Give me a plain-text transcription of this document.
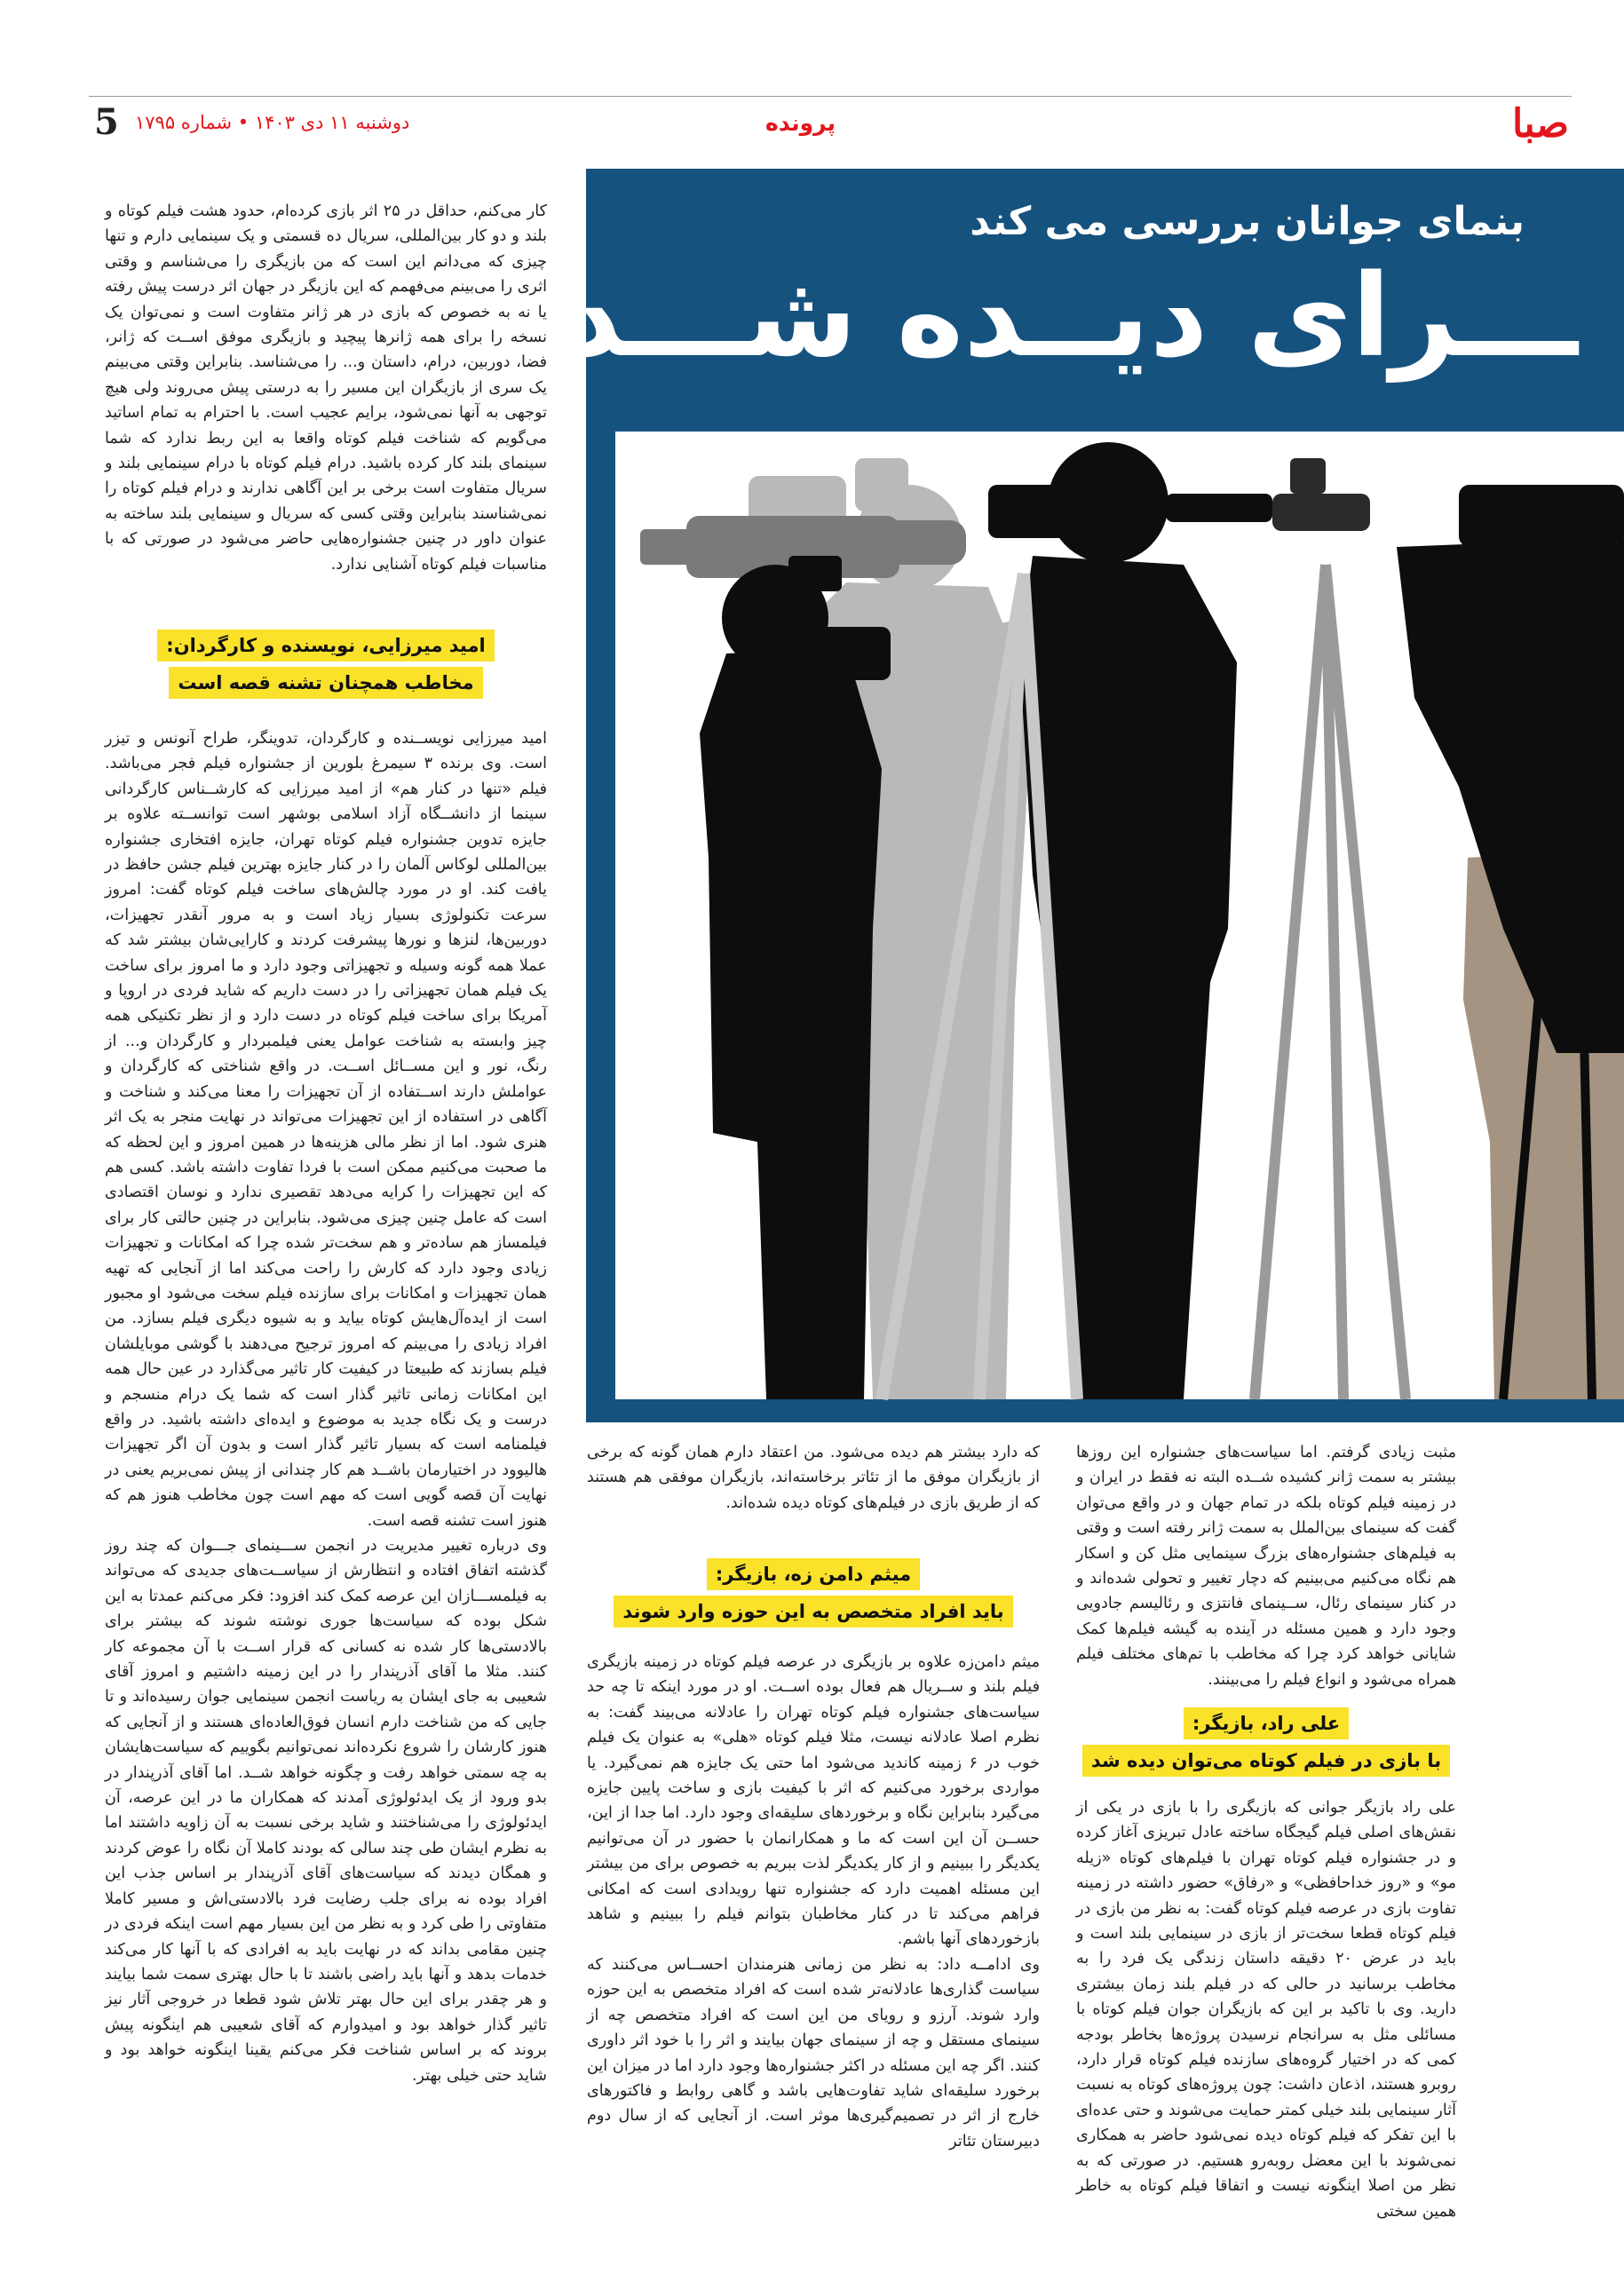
صبا
پرونده
دوشنبه ۱۱ دی ۱۴۰۳ • شماره ۱۷۹۵
5
بنمای جوانان بررسی می کند
ـــرای دیــده شـــدن

کار می‌کنم، حداقل در ۲۵ اثر بازی کرده‌ام، حدود هشت فیلم کوتاه و بلند و دو کار بین‌المللی، سریال ده قسمتی و یک سینمایی دارم و تنها چیزی که می‌دانم این است که من بازیگری را می‌شناسم و وقتی اثری را می‌بینم می‌فهمم که این بازیگر در جهان اثر درست پیش رفته یا نه به خصوص که بازی در هر ژانر متفاوت است و نمی‌توان یک نسخه را برای همه ژانرها پیچید و بازیگری موفق اســت که ژانر، فضا، دوربین، درام، داستان و... را می‌شناسد. بنابراین وقتی می‌بینم یک سری از بازیگران این مسیر را به درستی پیش می‌روند ولی هیچ توجهی به آنها نمی‌شود، برایم عجیب است. با احترام به تمام اساتید می‌گویم که شناخت فیلم کوتاه واقعا به این ربط ندارد که شما سینمای بلند کار کرده باشید. درام فیلم کوتاه با درام سینمایی بلند و سریال متفاوت است برخی بر این آگاهی ندارند و درام فیلم کوتاه را نمی‌شناسند بنابراین وقتی کسی که سریال و سینمایی بلند ساخته به عنوان داور در چنین جشنواره‌هایی حاضر می‌شود در صورتی که با مناسبات فیلم کوتاه آشنایی ندارد.

امید میرزایی، نویسنده و کارگردان:
مخاطب همچنان تشنه قصه است

امید میرزایی نویســنده و کارگردان، تدوینگر، طراح آنونس و تیزر است. وی برنده ۳ سیمرغ بلورین از جشنواره فیلم فجر می‌باشد. فیلم «تنها در کنار هم» از امید میرزایی که کارشــناس کارگردانی سینما از دانشــگاه آزاد اسلامی بوشهر است توانســته علاوه بر جایزه تدوین جشنواره فیلم کوتاه تهران، جایزه افتخاری جشنواره بین‌المللی لوکاس آلمان را در کنار جایزه بهترین فیلم جشن حافظ در یافت کند. او در مورد چالش‌های ساخت فیلم کوتاه گفت: امروز سرعت تکنولوژی بسیار زیاد است و به مرور آنقدر تجهیزات، دوربین‌ها، لنزها و نورها پیشرفت کردند و کارایی‌شان بیشتر شد که عملا همه گونه وسیله و تجهیزاتی وجود دارد و ما امروز برای ساخت یک فیلم همان تجهیزاتی را در دست داریم که شاید فردی در اروپا و آمریکا برای ساخت فیلم کوتاه در دست دارد و از نظر تکنیکی همه چیز وابسته به شناخت عوامل یعنی فیلمبردار و کارگردان و... از رنگ، نور و این مســائل اســت. در واقع شناختی که کارگردان و عواملش دارند اســتفاده از آن تجهیزات را معنا می‌کند و شناخت و آگاهی در استفاده از این تجهیزات می‌تواند در نهایت منجر به یک اثر هنری شود. اما از نظر مالی هزینه‌ها در همین امروز و این لحظه که ما صحبت می‌کنیم ممکن است با فردا تفاوت داشته باشد. کسی هم که این تجهیزات را کرایه می‌دهد تقصیری ندارد و نوسان اقتصادی است که عامل چنین چیزی می‌شود. بنابراین در چنین حالتی کار برای فیلمساز هم ساده‌تر و هم سخت‌تر شده چرا که امکانات و تجهیزات زیادی وجود دارد که کارش را راحت می‌کند اما از آنجایی که تهیه همان تجهیزات و امکانات برای سازنده فیلم سخت می‌شود او مجبور است از ایده‌آل‌هایش کوتاه بیاید و به شیوه دیگری فیلم بسازد. من افراد زیادی را می‌بینم که امروز ترجیح می‌دهند با گوشی موبایلشان فیلم بسازند که طبیعتا در کیفیت کار تاثیر می‌گذارد در عین حال همه این امکانات زمانی تاثیر گذار است که شما یک درام منسجم و درست و یک نگاه جدید به موضوع و ایده‌ای داشته باشید. در واقع فیلمنامه است که بسیار تاثیر گذار است و بدون آن اگر تجهیزات هالیوود در اختیارمان باشــد هم کار چندانی از پیش نمی‌بریم یعنی در نهایت آن قصه گویی است که مهم است چون مخاطب هنوز هم که هنوز است تشنه قصه است.

وی درباره تغییر مدیریت در انجمن ســـینمای جـــوان که چند روز گذشته اتفاق افتاده و انتظارش از سیاســت‌های جدیدی که می‌تواند به فیلمســـازان این عرصه کمک کند افزود: فکر می‌کنم عمدتا به این شکل بوده که سیاست‌ها جوری نوشته شوند که بیشتر برای بالادستی‌ها کار شده نه کسانی که قرار اســت با آن مجموعه کار کنند. مثلا ما آقای آذرپندار را در این زمینه داشتیم و امروز آقای شعیبی به جای ایشان به ریاست انجمن سینمایی جوان رسیده‌اند و تا جایی که من شناخت دارم انسان فوق‌العاده‌ای هستند و از آنجایی که هنوز کارشان را شروع نکرده‌اند نمی‌توانیم بگوییم که سیاست‌هایشان به چه سمتی خواهد رفت و چگونه خواهد شــد. اما آقای آذرپندار در بدو ورود از یک ایدئولوژی آمدند که همکاران ما در این عرصه، آن ایدئولوژی را می‌شناختند و شاید برخی نسبت به آن زاویه داشتند اما به نظرم ایشان طی چند سالی که بودند کاملا آن نگاه را عوض کردند و همگان دیدند که سیاست‌های آقای آذرپندار بر اساس جذب این افراد بوده نه برای جلب رضایت فرد بالادستی‌اش و مسیر کاملا متفاوتی را طی کرد و به نظر من این بسیار مهم است اینکه فردی در چنین مقامی بداند که در نهایت باید به افرادی که با آنها کار می‌کند خدمات بدهد و آنها باید راضی باشند تا با حال بهتری سمت شما بیایند و هر چقدر برای این حال بهتر تلاش شود قطعا در خروجی آثار نیز تاثیر گذار خواهد بود و امیدوارم که آقای شعیبی هم اینگونه پیش بروند که بر اساس شناخت فکر می‌کنم یقینا اینگونه خواهد بود و شاید حتی خیلی بهتر.

مثبت زیادی گرفتم. اما سیاست‌های جشنواره این روزها بیشتر به سمت ژانر کشیده شــده البته نه فقط در ایران و در زمینه فیلم کوتاه بلکه در تمام جهان و در واقع می‌توان گفت که سینمای بین‌الملل به سمت ژانر رفته است و وقتی به فیلم‌های جشنواره‌های بزرگ سینمایی مثل کن و اسکار هم نگاه می‌کنیم می‌بینیم که دچار تغییر و تحولی شده‌اند و در کنار سینمای رئال، ســینمای فانتزی و رئالیسم جادویی وجود دارد و همین مسئله در آینده به گیشه فیلم‌ها کمک شایانی خواهد کرد چرا که مخاطب با تم‌های مختلف فیلم همراه می‌شود و انواع فیلم را می‌بینند.

علی راد، بازیگر:
با بازی در فیلم کوتاه می‌توان دیده شد

علی راد بازیگر جوانی که بازیگری را با بازی در یکی از نقش‌های اصلی فیلم گیجگاه ساخته عادل تبریزی آغاز کرده و در جشنواره فیلم کوتاه تهران با فیلم‌های کوتاه «زیله مو» و «روز خداحافظی» و «رفاق» حضور داشته در زمینه تفاوت بازی در عرصه فیلم کوتاه گفت: به نظر من بازی در فیلم کوتاه قطعا سخت‌تر از بازی در سینمایی بلند است و باید در عرض ۲۰ دقیقه داستان زندگی یک فرد را به مخاطب برسانید در حالی که در فیلم بلند زمان بیشتری دارید. وی با تاکید بر این که بازیگران جوان فیلم کوتاه با مسائلی مثل به سرانجام نرسیدن پروژه‌ها بخاطر بودجه کمی که در اختیار گروه‌های سازنده فیلم کوتاه قرار دارد، روبرو هستند، اذعان داشت: چون پروژه‌های کوتاه به نسبت آثار سینمایی بلند خیلی کمتر حمایت می‌شوند و حتی عده‌ای با این تفکر که فیلم کوتاه دیده نمی‌شود حاضر به همکاری نمی‌شوند با این معضل روبه‌رو هستیم. در صورتی که به نظر من اصلا اینگونه نیست و اتفاقا فیلم کوتاه به خاطر همین سختی

که دارد بیشتر هم دیده می‌شود. من اعتقاد دارم همان گونه که برخی از بازیگران موفق ما از تئاتر برخاسته‌اند، بازیگران موفقی هم هستند که از طریق بازی در فیلم‌های کوتاه دیده شده‌اند.

میثم دامن زه، بازیگر:
باید افراد متخصص به این حوزه وارد شوند

میثم دامن‌زه علاوه بر بازیگری در عرصه فیلم کوتاه در زمینه بازیگری فیلم بلند و ســریال هم فعال بوده اســت. او در مورد اینکه تا چه حد سیاست‌های جشنواره فیلم کوتاه تهران را عادلانه می‌بیند گفت: به نظرم اصلا عادلانه نیست، مثلا فیلم کوتاه «هلی» به عنوان یک فیلم خوب در ۶ زمینه کاندید می‌شود اما حتی یک جایزه هم نمی‌گیرد. یا مواردی برخورد می‌کنیم که اثر با کیفیت بازی و ساخت پایین جایزه می‌گیرد بنابراین نگاه و برخوردهای سلیقه‌ای وجود دارد. اما جدا از این، حســن آن این است که ما و همکارانمان با حضور در آن می‌توانیم یکدیگر را ببینیم و از کار یکدیگر لذت ببریم به خصوص برای من بیشتر این مسئله اهمیت دارد که جشنواره تنها رویدادی است که امکانی فراهم می‌کند تا در کنار مخاطبان بتوانم فیلم را ببینیم و شاهد بازخوردهای آنها باشم.

وی ادامــه داد: به نظر من زمانی هنرمندان احســاس می‌کنند که سیاست گذاری‌ها عادلانه‌تر شده است که افراد متخصص به این حوزه وارد شوند. آرزو و رویای من این است که افراد متخصص چه از سینمای مستقل و چه از سینمای جهان بیایند و اثر را با خود اثر داوری کنند. اگر چه این مسئله در اکثر جشنواره‌ها وجود دارد اما در میزان این برخورد سلیقه‌ای شاید تفاوت‌هایی باشد و گاهی روابط و فاکتورهای خارج از اثر در تصمیم‌گیری‌ها موثر است. از آنجایی که از سال دوم دبیرستان تئاتر
